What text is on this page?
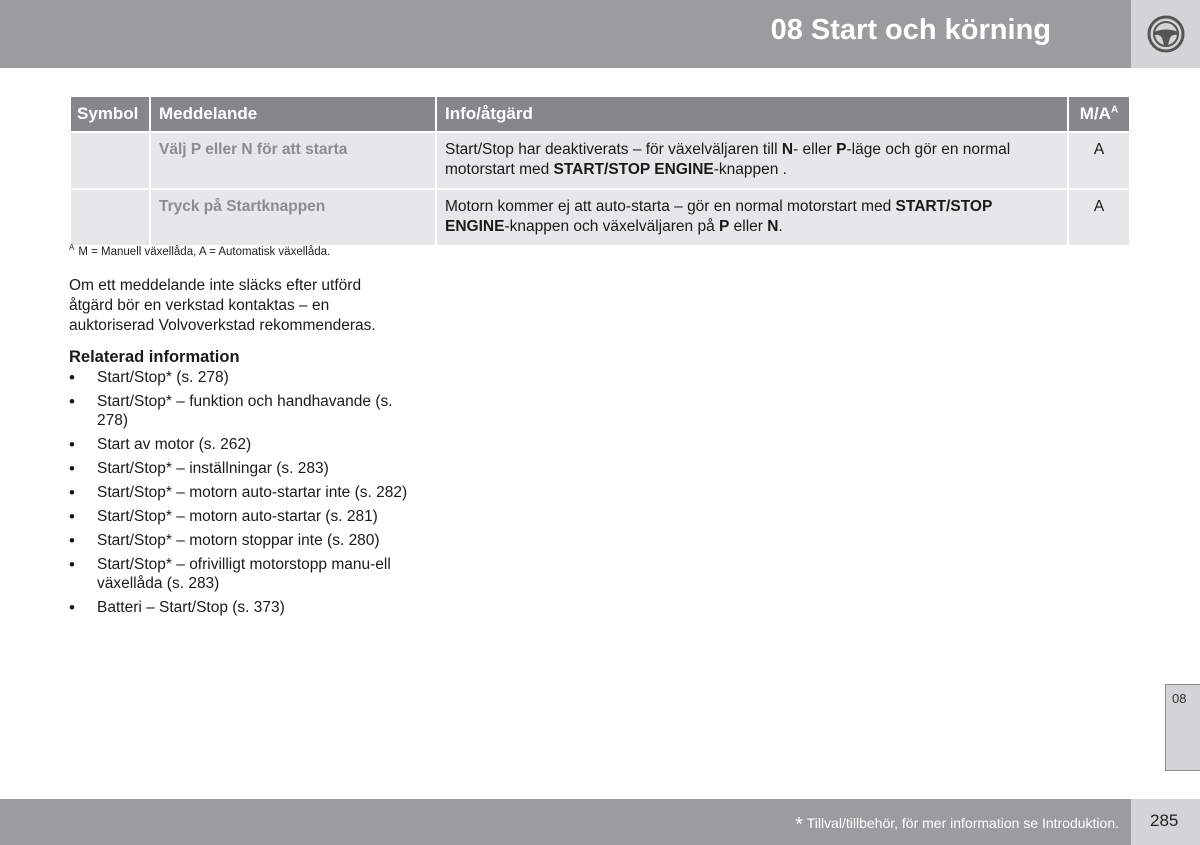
08 Start och körning
Symbol	Meddelande	Info/åtgärd	$M/A^A$
	Välj P eller N för att starta	Start/Stop har deaktiverats – för växelväljaren till N- eller P-läge och gör en normal motorstart med START/STOP ENGINE-knappen .	A
	Tryck på Startknappen	Motorn kommer ej att auto-starta – gör en normal motorstart med START/STOP ENGINE-knappen och växelväljaren på P eller N.	A
$^A$ M = Manuell växellåda, A = Automatisk växellåda.
Om ett meddelande inte släcks efter utförd åtgärd bör en verkstad kontaktas – en auktoriserad Volvoverkstad rekommenderas.
Relaterad information
• Start/Stop* (s. 278)
• Start/Stop* – funktion och handhavande (s. 278)
• Start av motor (s. 262)
• Start/Stop* – inställningar (s. 283)
• Start/Stop* – motorn auto-startar inte (s. 282)
• Start/Stop* – motorn auto-startar (s. 281)
• Start/Stop* – motorn stoppar inte (s. 280)
• Start/Stop* – ofrivilligt motorstopp manu-ell växellåda (s. 283)
• Batteri – Start/Stop (s. 373)
08
* Tillval/tillbehör, för mer information se Introduktion. 285
